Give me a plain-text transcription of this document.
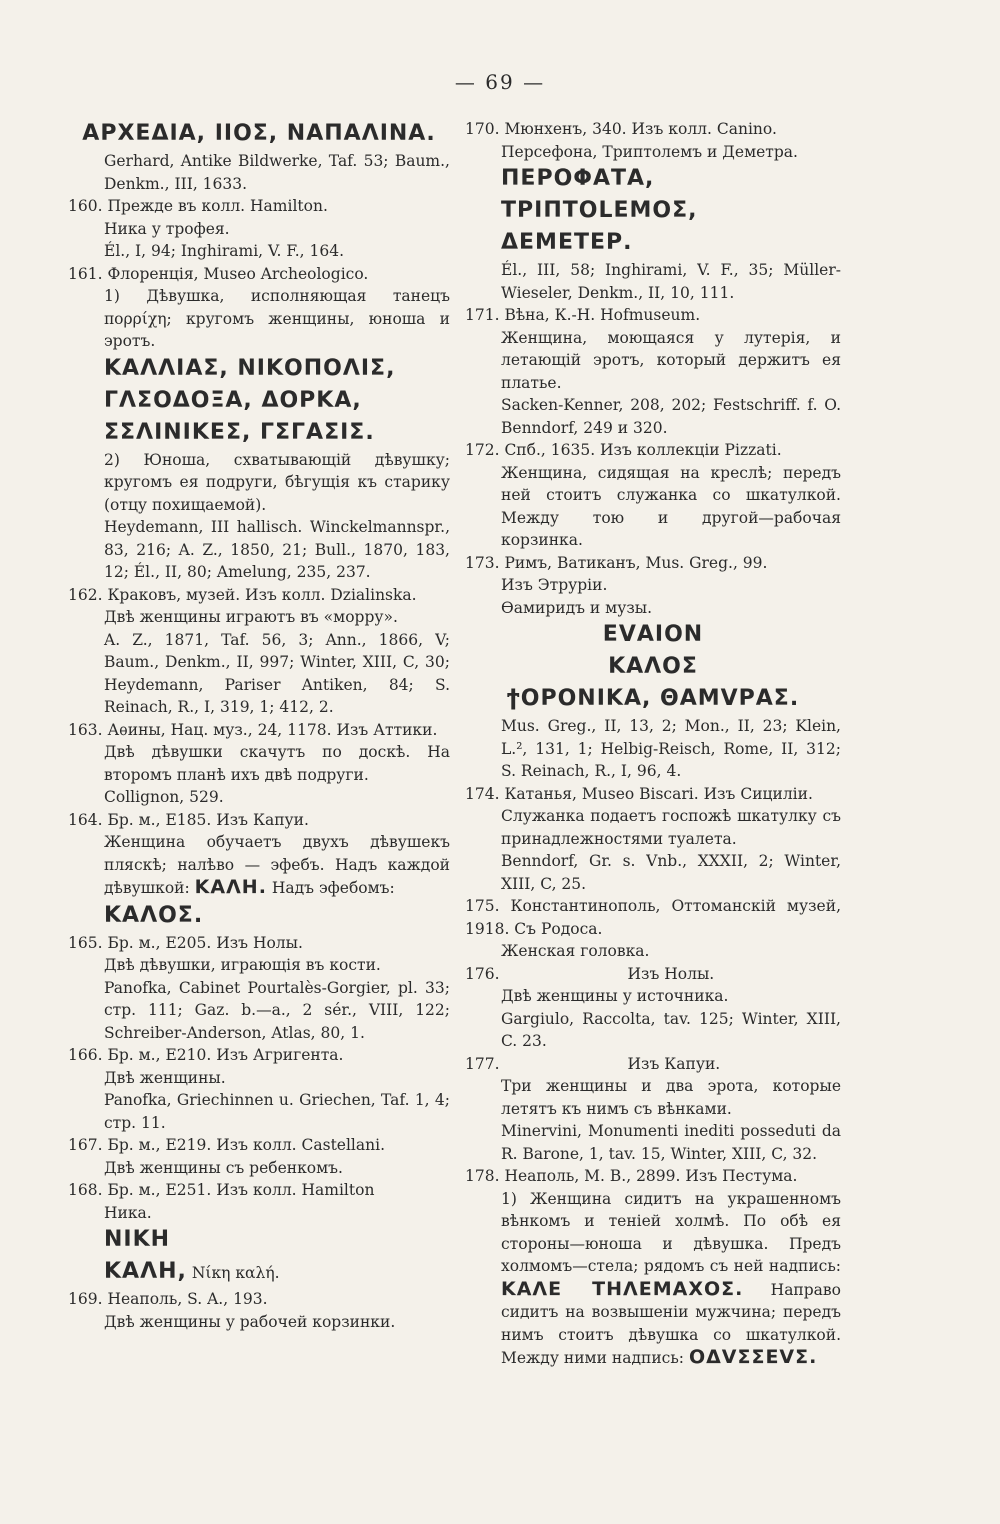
— 69 —

ΑΡΧΕΔΙΑ, ΙΙΟΣ, ΝΑΠΑΛΙΝΑ.

Gerhard, Antike Bildwerke, Taf. 53; Baum., Denkm., III, 1633.

160. Прежде въ колл. Hamilton.

Ника у трофея.

Él., I, 94; Inghirami, V. F., 164.

161. Флоренція, Museo Archeologico.

1) Дѣвушка, исполняющая танецъ πορρίχη; кругомъ женщины, юноша и эротъ.

ΚΑΛΛΙΑΣ, ΝΙΚΟΠΟΛΙΣ,

ΓΛΣΟΔΟΞΑ, ΔΟΡΚΑ,

ΣΣΛΙΝΙΚΕΣ, ΓΣΓΑΣΙΣ.

2) Юноша, схватывающій дѣвушку; кругомъ ея подруги, бѣгущія къ старику (отцу похищаемой).

Heydemann, III hallisch. Winckelmannspr., 83, 216; A. Z., 1850, 21; Bull., 1870, 183, 12; Él., II, 80; Amelung, 235, 237.

162. Краковъ, музей. Изъ колл. Dzialinska.

Двѣ женщины играютъ въ «морру».

A. Z., 1871, Taf. 56, 3; Ann., 1866, V; Baum., Denkm., II, 997; Winter, XIII, C, 30; Heydemann, Pariser Antiken, 84; S. Reinach, R., I, 319, 1; 412, 2.

163. Аѳины, Нац. муз., 24, 1178. Изъ Аттики.

Двѣ дѣвушки скачутъ по доскѣ. На второмъ планѣ ихъ двѣ подруги.

Collignon, 529.

164. Бр. м., E185. Изъ Капуи.

Женщина обучаетъ двухъ дѣвушекъ пляскѣ; налѣво — эфебъ. Надъ каждой дѣвушкой: ΚΑΛΗ. Надъ эфебомъ:

ΚΑΛΟΣ.

165. Бр. м., E205. Изъ Нолы.

Двѣ дѣвушки, играющія въ кости.

Panofka, Cabinet Pourtalès-Gorgier, pl. 33; стр. 111; Gaz. b.—a., 2 sér., VIII, 122; Schreiber-Anderson, Atlas, 80, 1.

166. Бр. м., E210. Изъ Агригента.

Двѣ женщины.

Panofka, Griechinnen u. Griechen, Taf. 1, 4; стр. 11.

167. Бр. м., E219. Изъ колл. Castellani.

Двѣ женщины съ ребенкомъ.

168. Бр. м., E251. Изъ колл. Hamilton

Ника.

ΝΙΚΗ

ΚΑΛΗ, Νίκη καλή.

169. Неаполь, S. A., 193.

Двѣ женщины у рабочей корзинки.

170. Мюнхенъ, 340. Изъ колл. Canino.

Персефона, Триптолемъ и Деметра.

ΠΕΡΟΦΑΤΑ, ΤΡΙΠΤΟLΕΜΟΣ,

ΔΕΜΕΤΕΡ.

Él., III, 58; Inghirami, V. F., 35; Müller-Wieseler, Denkm., II, 10, 111.

171. Вѣна, К.-Н. Hofmuseum.

Женщина, моющаяся у лутерія, и летающій эротъ, который держитъ ея платье.

Sacken-Kenner, 208, 202; Festschriff. f. O. Benndorf, 249 и 320.

172. Спб., 1635. Изъ коллекціи Pizzati.

Женщина, сидящая на креслѣ; передъ ней стоитъ служанка со шкатулкой. Между тою и другой—рабочая корзинка.

173. Римъ, Ватиканъ, Mus. Greg., 99.

Изъ Этруріи.

Ѳамиридъ и музы.

ΕVΑΙΟΝ

ΚΑΛΟΣ

ϯΟΡΟΝΙΚΑ, ΘΑΜVΡΑΣ.

Mus. Greg., II, 13, 2; Mon., II, 23; Klein, L.², 131, 1; Helbig-Reisch, Rome, II, 312; S. Reinach, R., I, 96, 4.

174. Катанья, Museo Biscari. Изъ Сициліи.

Служанка подаетъ госпожѣ шкатулку съ принадлежностями туалета.

Benndorf, Gr. s. Vnb., XXXII, 2; Winter, XIII, C, 25.

175. Константинополь, Оттоманскій музей, 1918. Съ Родоса.

Женская головка.

176.	Изъ Нолы.

Двѣ женщины у источника.

Gargiulo, Raccolta, tav. 125; Winter, XIII, C. 23.

177.	Изъ Капуи.

Три женщины и два эрота, которые летятъ къ нимъ съ вѣнками.

Minervini, Monumenti inediti posseduti da R. Barone, 1, tav. 15, Winter, XIII, C, 32.

178. Неаполь, М. В., 2899. Изъ Пестума.

1) Женщина сидитъ на украшенномъ вѣнкомъ и тенiей холмѣ. По обѣ ея стороны—юноша и дѣвушка. Предъ холмомъ—стела; рядомъ съ ней надпись: ΚΑΛΕ ΤΗΛΕΜΑΧΟΣ. Направо сидитъ на возвышеніи мужчина; передъ нимъ стоитъ дѣвушка со шкатулкой. Между ними надпись: ΟΔVΣΣΕVΣ.
